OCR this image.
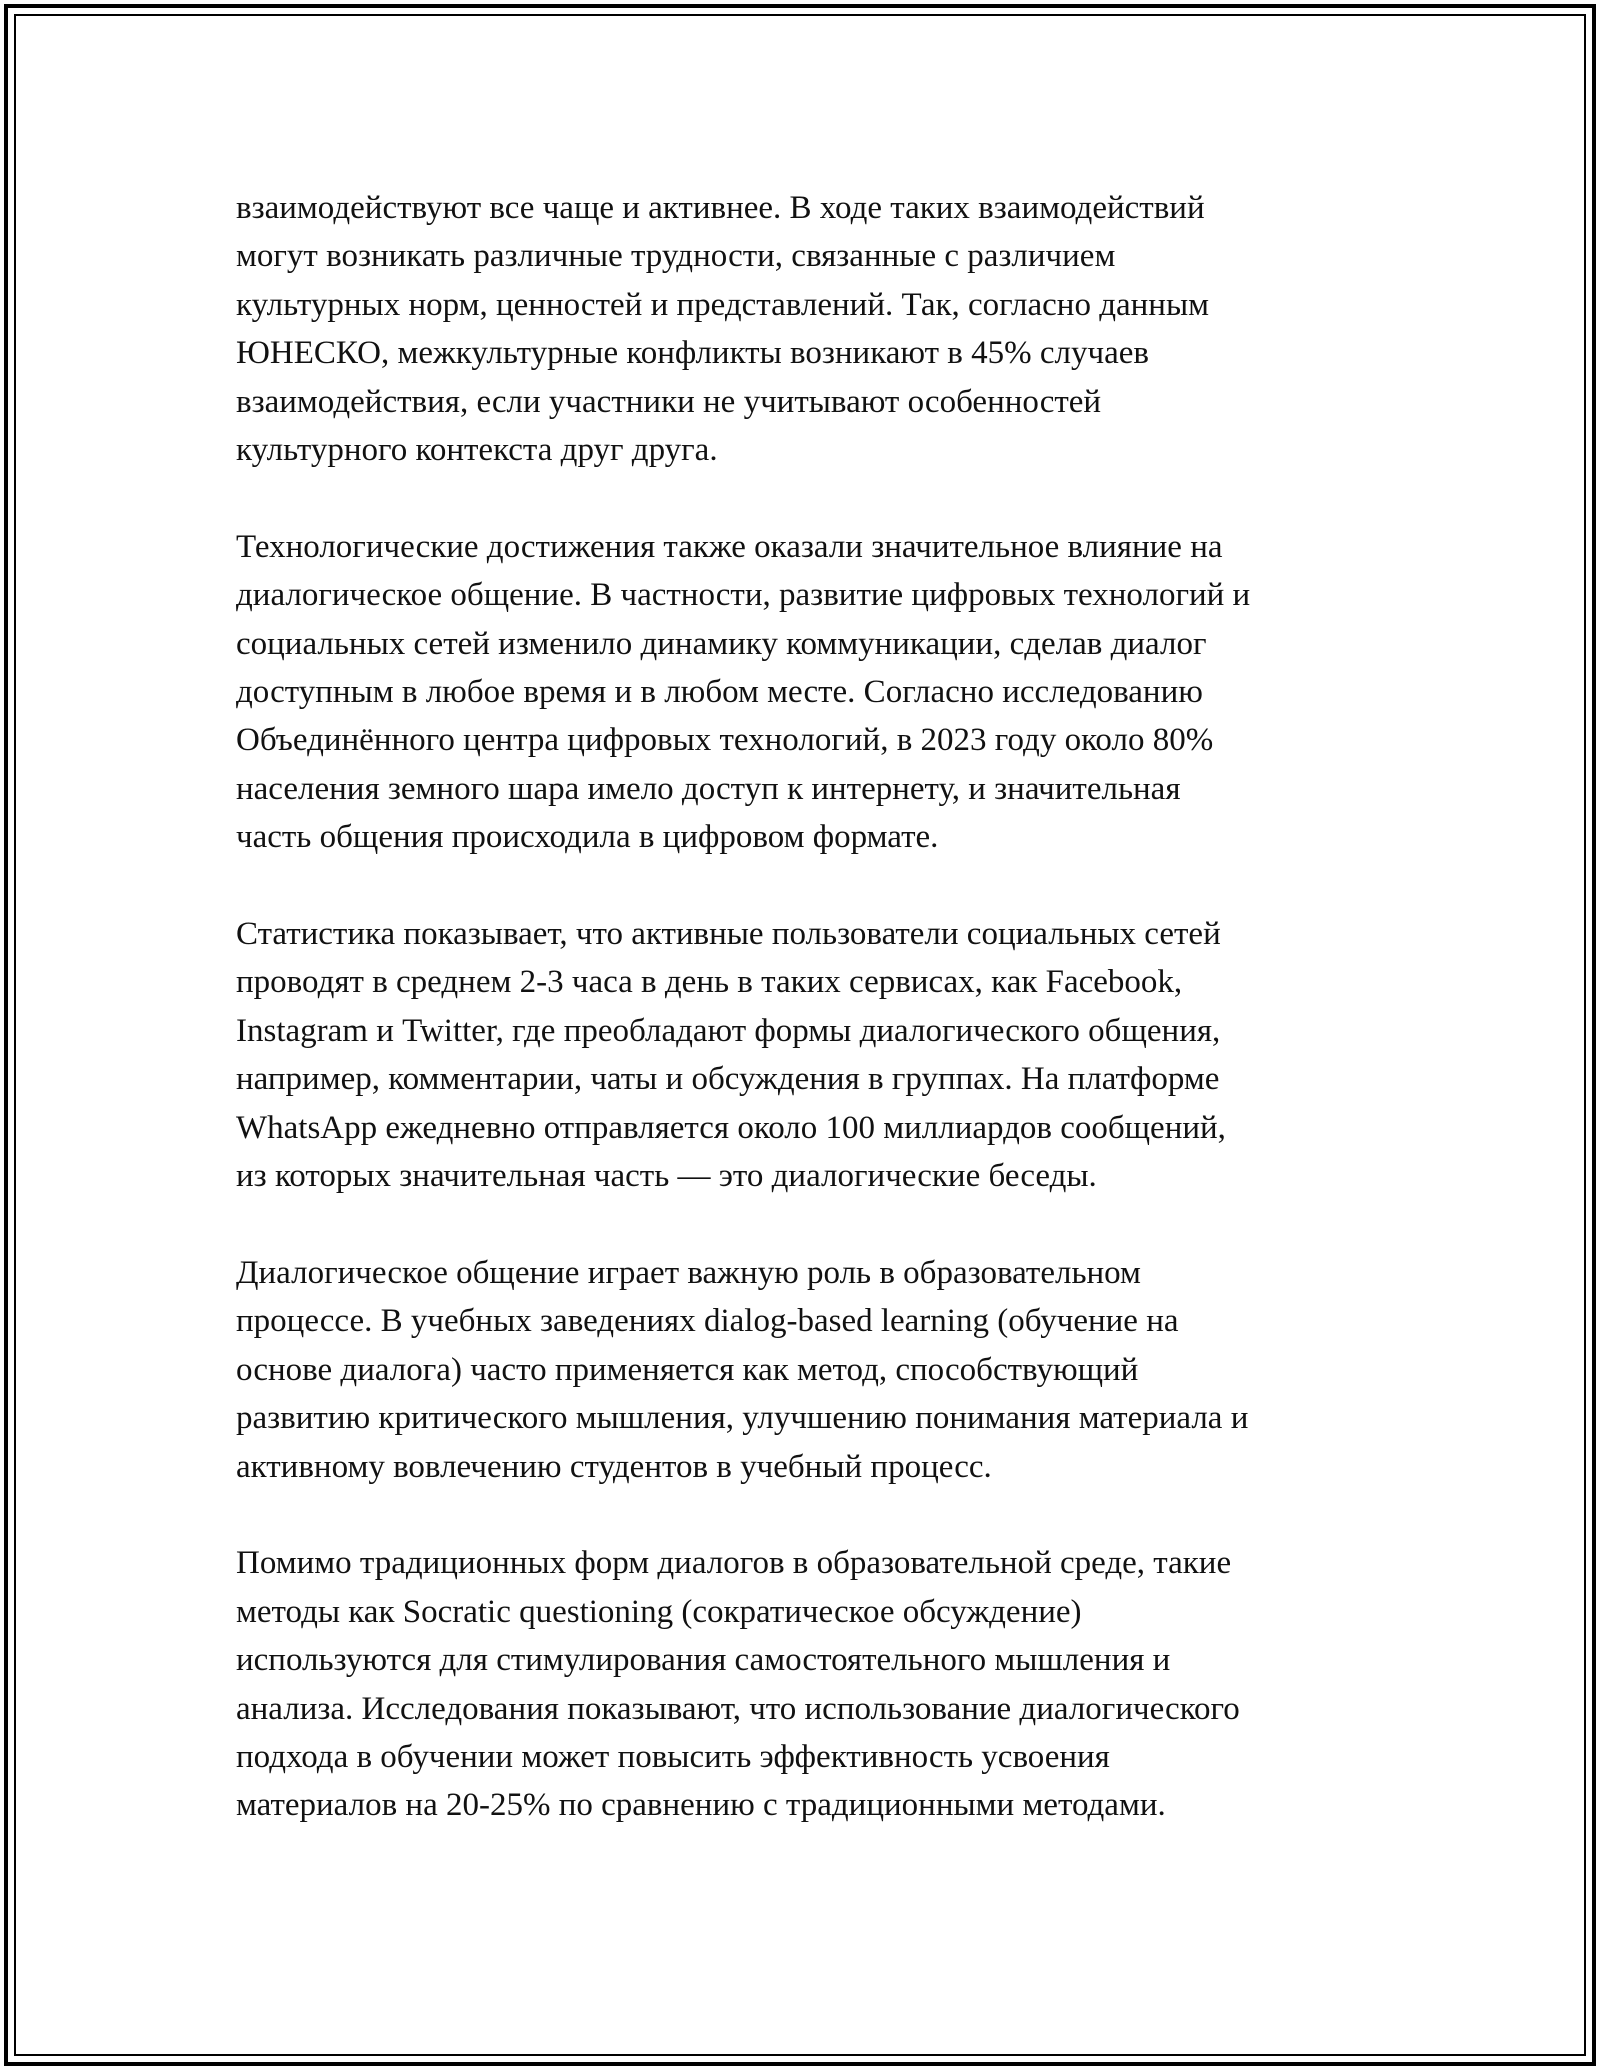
взаимодействуют все чаще и активнее. В ходе таких взаимодействий
могут возникать различные трудности, связанные с различием
культурных норм, ценностей и представлений. Так, согласно данным
ЮНЕСКО, межкультурные конфликты возникают в 45% случаев
взаимодействия, если участники не учитывают особенностей
культурного контекста друг друга.

Технологические достижения также оказали значительное влияние на
диалогическое общение. В частности, развитие цифровых технологий и
социальных сетей изменило динамику коммуникации, сделав диалог
доступным в любое время и в любом месте. Согласно исследованию
Объединённого центра цифровых технологий, в 2023 году около 80%
населения земного шара имело доступ к интернету, и значительная
часть общения происходила в цифровом формате.

Статистика показывает, что активные пользователи социальных сетей
проводят в среднем 2-3 часа в день в таких сервисах, как Facebook,
Instagram и Twitter, где преобладают формы диалогического общения,
например, комментарии, чаты и обсуждения в группах. На платформе
WhatsApp ежедневно отправляется около 100 миллиардов сообщений,
из которых значительная часть — это диалогические беседы.

Диалогическое общение играет важную роль в образовательном
процессе. В учебных заведениях dialog-based learning (обучение на
основе диалога) часто применяется как метод, способствующий
развитию критического мышления, улучшению понимания материала и
активному вовлечению студентов в учебный процесс.

Помимо традиционных форм диалогов в образовательной среде, такие
методы как Socratic questioning (сократическое обсуждение)
используются для стимулирования самостоятельного мышления и
анализа. Исследования показывают, что использование диалогического
подхода в обучении может повысить эффективность усвоения
материалов на 20-25% по сравнению с традиционными методами.
